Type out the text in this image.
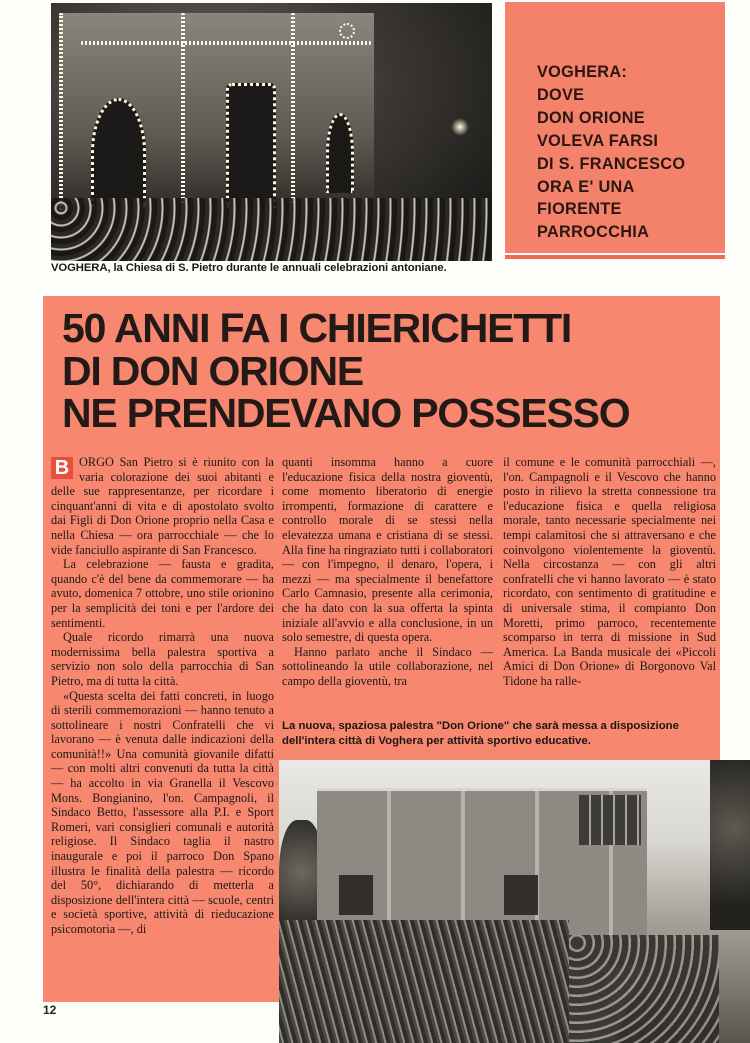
VOGHERA, la Chiesa di S. Pietro durante le annuali celebrazioni antoniane.
VOGHERA:
DOVE
DON ORIONE
VOLEVA FARSI
DI S. FRANCESCO
ORA E' UNA
FIORENTE
PARROCCHIA
50 ANNI FA I CHIERICHETTI
DI DON ORIONE
NE PRENDEVANO POSSESSO

B ORGO San Pietro si è riunito con la varia colorazione dei suoi abitanti e delle sue rappresentanze, per ricordare i cinquant'anni di vita e di apostolato svolto dai Figli di Don Orione proprio nella Casa e nella Chiesa — ora parrocchiale — che lo vide fanciullo aspirante di San Francesco.

La celebrazione — fausta e gradita, quando c'è del bene da commemorare — ha avuto, domenica 7 ottobre, uno stile orionino per la semplicità dei toni e per l'ardore dei sentimenti.

Quale ricordo rimarrà una nuova modernissima bella palestra sportiva a servizio non solo della parrocchia di San Pietro, ma di tutta la città.

«Questa scelta dei fatti concreti, in luogo di sterili commemorazioni — hanno tenuto a sottolineare i nostri Confratelli che vi lavorano — è venuta dalle indicazioni della comunità!!» Una comunità giovanile difatti — con molti altri convenuti da tutta la città — ha accolto in via Granella il Vescovo Mons. Bongianino, l'on. Campagnoli, il Sindaco Betto, l'assessore alla P.I. e Sport Romeri, vari consiglieri comunali e autorità religiose. Il Sindaco taglia il nastro inaugurale e poi il parroco Don Spano illustra le finalità della palestra — ricordo del 50°, dichiarando di metterla a disposizione dell'intera città — scuole, centri e società sportive, attività di rieducazione psicomotoria —, di

quanti insomma hanno a cuore l'educazione fisica della nostra gioventù, come momento liberatorio di energie irrompenti, formazione di carattere e controllo morale di se stessi nella elevatezza umana e cristiana di se stessi. Alla fine ha ringraziato tutti i collaboratori — con l'impegno, il denaro, l'opera, i mezzi — ma specialmente il benefattore Carlo Camnasio, presente alla cerimonia, che ha dato con la sua offerta la spinta iniziale all'avvio e alla conclusione, in un solo semestre, di questa opera.

Hanno parlato anche il Sindaco — sottolineando la utile collaborazione, nel campo della gioventù, tra

il comune e le comunità parrocchiali —, l'on. Campagnoli e il Vescovo che hanno posto in rilievo la stretta connessione tra l'educazione fisica e quella religiosa morale, tanto necessarie specialmente nei tempi calamitosi che si attraversano e che coinvolgono violentemente la gioventù. Nella circostanza — con gli altri confratelli che vi hanno lavorato — è stato ricordato, con sentimento di gratitudine e di universale stima, il compianto Don Moretti, primo parroco, recentemente scomparso in terra di missione in Sud America. La Banda musicale dei «Piccoli Amici di Don Orione» di Borgonovo Val Tidone ha ralle-

La nuova, spaziosa palestra "Don Orione" che sarà messa a disposizione dell'intera città di Voghera per attività sportivo educative.
12
